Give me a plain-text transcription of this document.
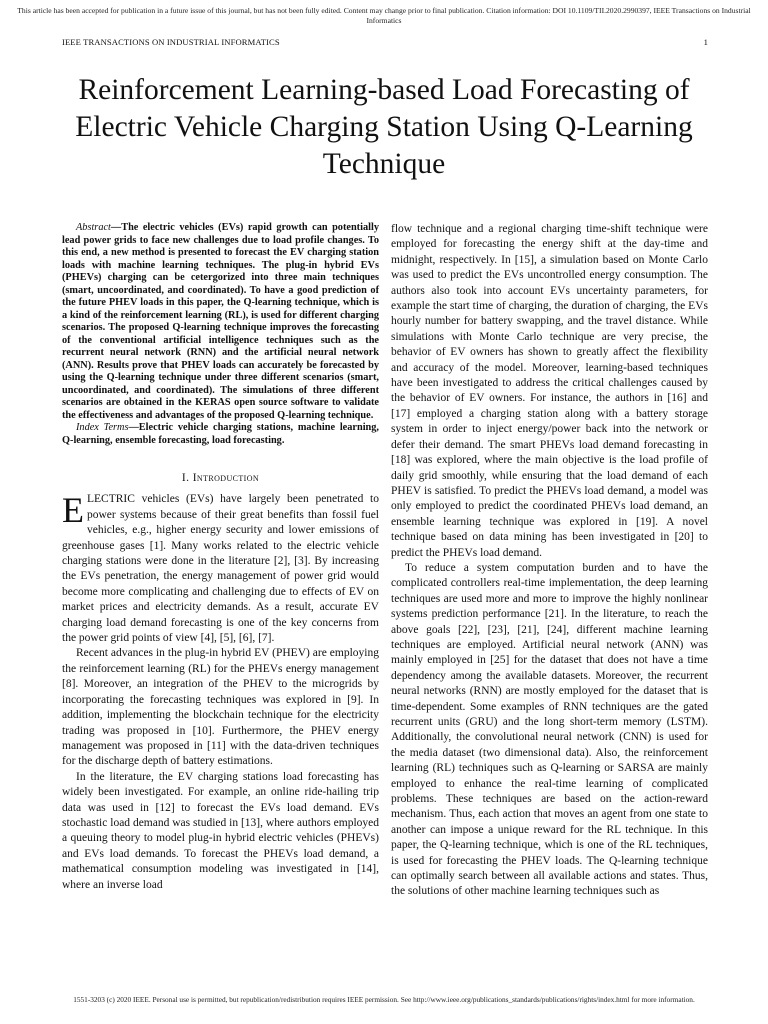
This article has been accepted for publication in a future issue of this journal, but has not been fully edited. Content may change prior to final publication. Citation information: DOI 10.1109/TII.2020.2990397, IEEE Transactions on Industrial Informatics
IEEE TRANSACTIONS ON INDUSTRIAL INFORMATICS	1
Reinforcement Learning-based Load Forecasting of Electric Vehicle Charging Station Using Q-Learning Technique

Abstract—The electric vehicles (EVs) rapid growth can potentially lead power grids to face new challenges due to load profile changes. To this end, a new method is presented to forecast the EV charging station loads with machine learning techniques. The plug-in hybrid EVs (PHEVs) charging can be cetergorized into three main techniques (smart, uncoordinated, and coordinated). To have a good prediction of the future PHEV loads in this paper, the Q-learning technique, which is a kind of the reinforcement learning (RL), is used for different charging scenarios. The proposed Q-learning technique improves the forecasting of the conventional artificial intelligence techniques such as the recurrent neural network (RNN) and the artificial neural network (ANN). Results prove that PHEV loads can accurately be forecasted by using the Q-learning technique under three different scenarios (smart, uncoordinated, and coordinated). The simulations of three different scenarios are obtained in the KERAS open source software to validate the effectiveness and advantages of the proposed Q-learning technique.

Index Terms—Electric vehicle charging stations, machine learning, Q-learning, ensemble forecasting, load forecasting.

I. Introduction

ELECTRIC vehicles (EVs) have largely been penetrated to power systems because of their great benefits than fossil fuel vehicles, e.g., higher energy security and lower emissions of greenhouse gases [1]. Many works related to the electric vehicle charging stations were done in the literature [2], [3]. By increasing the EVs penetration, the energy management of power grid would become more complicating and challenging due to effects of EV on market prices and electricity demands. As a result, accurate EV charging load demand forecasting is one of the key concerns from the power grid points of view [4], [5], [6], [7].

Recent advances in the plug-in hybrid EV (PHEV) are employing the reinforcement learning (RL) for the PHEVs energy management [8]. Moreover, an integration of the PHEV to the microgrids by incorporating the forecasting techniques was explored in [9]. In addition, implementing the blockchain technique for the electricity trading was proposed in [10]. Furthermore, the PHEV energy management was proposed in [11] with the data-driven techniques for the discharge depth of battery estimations.

In the literature, the EV charging stations load forecasting has widely been investigated. For example, an online ride-hailing trip data was used in [12] to forecast the EVs load demand. EVs stochastic load demand was studied in [13], where authors employed a queuing theory to model plug-in hybrid electric vehicles (PHEVs) and EVs load demands. To forecast the PHEVs load demand, a mathematical consumption modeling was investigated in [14], where an inverse load

flow technique and a regional charging time-shift technique were employed for forecasting the energy shift at the day-time and midnight, respectively. In [15], a simulation based on Monte Carlo was used to predict the EVs uncontrolled energy consumption. The authors also took into account EVs uncertainty parameters, for example the start time of charging, the duration of charging, the EVs hourly number for battery swapping, and the travel distance. While simulations with Monte Carlo technique are very precise, the behavior of EV owners has shown to greatly affect the flexibility and accuracy of the model. Moreover, learning-based techniques have been investigated to address the critical challenges caused by the behavior of EV owners. For instance, the authors in [16] and [17] employed a charging station along with a battery storage system in order to inject energy/power back into the network or defer their demand. The smart PHEVs load demand forecasting in [18] was explored, where the main objective is the load profile of daily grid smoothly, while ensuring that the load demand of each PHEV is satisfied. To predict the PHEVs load demand, a model was only employed to predict the coordinated PHEVs load demand, an ensemble learning technique was explored in [19]. A novel technique based on data mining has been investigated in [20] to predict the PHEVs load demand.

To reduce a system computation burden and to have the complicated controllers real-time implementation, the deep learning techniques are used more and more to improve the highly nonlinear systems prediction performance [21]. In the literature, to reach the above goals [22], [23], [21], [24], different machine learning techniques are employed. Artificial neural network (ANN) was mainly employed in [25] for the dataset that does not have a time dependency among the available datasets. Moreover, the recurrent neural networks (RNN) are mostly employed for the dataset that is time-dependent. Some examples of RNN techniques are the gated recurrent units (GRU) and the long short-term memory (LSTM). Additionally, the convolutional neural network (CNN) is used for the media dataset (two dimensional data). Also, the reinforcement learning (RL) techniques such as Q-learning or SARSA are mainly employed to enhance the real-time learning of complicated problems. These techniques are based on the action-reward mechanism. Thus, each action that moves an agent from one state to another can impose a unique reward for the RL technique. In this paper, the Q-learning technique, which is one of the RL techniques, is used for forecasting the PHEV loads. The Q-learning technique can optimally search between all available actions and states. Thus, the solutions of other machine learning techniques such as

1551-3203 (c) 2020 IEEE. Personal use is permitted, but republication/redistribution requires IEEE permission. See http://www.ieee.org/publications_standards/publications/rights/index.html for more information.
